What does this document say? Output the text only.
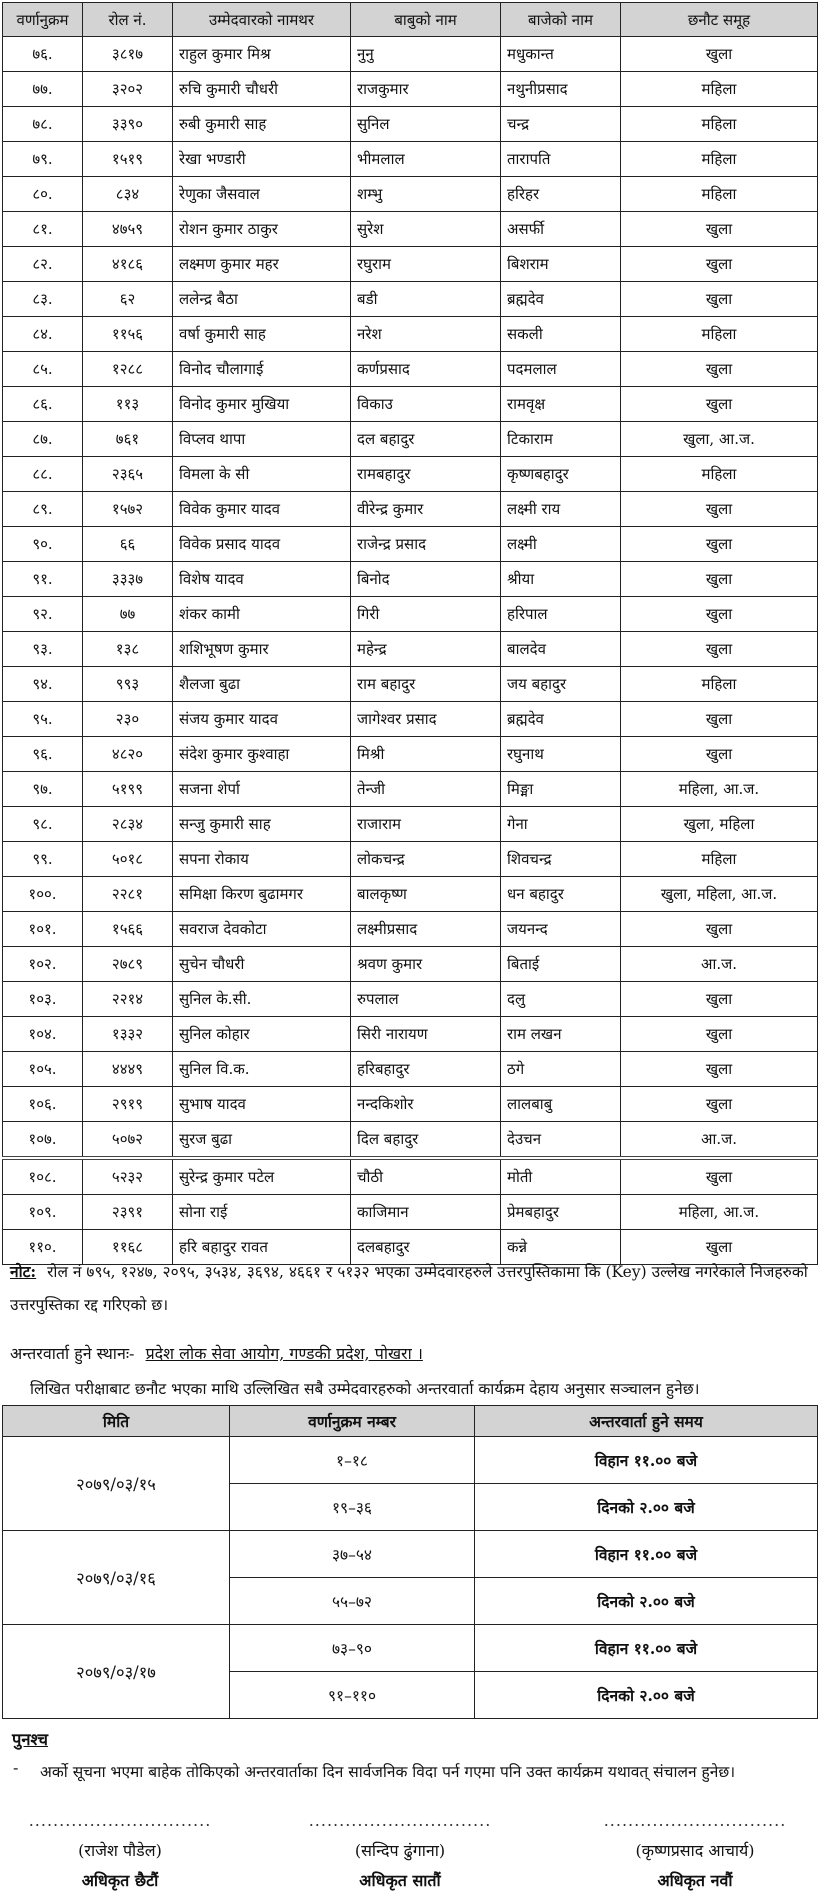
वर्णानुक्रम	रोल नं.	उम्मेदवारको नामथर	बाबुको नाम	बाजेको नाम	छनौट समूह
७६.	३८१७	राहुल कुमार मिश्र	नुनु	मधुकान्त	खुला
७७.	३२०२	रुचि कुमारी चौधरी	राजकुमार	नथुनीप्रसाद	महिला
७८.	३३९०	रुबी कुमारी साह	सुनिल	चन्द्र	महिला
७९.	१५१९	रेखा भण्डारी	भीमलाल	तारापति	महिला
८०.	८३४	रेणुका जैसवाल	शम्भु	हरिहर	महिला
८१.	४७५९	रोशन कुमार ठाकुर	सुरेश	असर्फी	खुला
८२.	४१८६	लक्ष्मण कुमार महर	रघुराम	बिशराम	खुला
८३.	६२	ललेन्द्र बैठा	बडी	ब्रह्मदेव	खुला
८४.	११५६	वर्षा कुमारी साह	नरेश	सकली	महिला
८५.	१२८८	विनोद चौलागाई	कर्णप्रसाद	पदमलाल	खुला
८६.	११३	विनोद कुमार मुखिया	विकाउ	रामवृक्ष	खुला
८७.	७६१	विप्लव थापा	दल बहादुर	टिकाराम	खुला, आ.ज.
८८.	२३६५	विमला के सी	रामबहादुर	कृष्णबहादुर	महिला
८९.	१५७२	विवेक कुमार यादव	वीरेन्द्र कुमार	लक्ष्मी राय	खुला
९०.	६६	विवेक प्रसाद यादव	राजेन्द्र प्रसाद	लक्ष्मी	खुला
९१.	३३३७	विशेष यादव	बिनोद	श्रीया	खुला
९२.	७७	शंकर कामी	गिरी	हरिपाल	खुला
९३.	१३८	शशिभूषण कुमार	महेन्द्र	बालदेव	खुला
९४.	९९३	शैलजा बुढा	राम बहादुर	जय बहादुर	महिला
९५.	२३०	संजय कुमार यादव	जागेश्वर प्रसाद	ब्रह्मदेव	खुला
९६.	४८२०	संदेश कुमार कुश्वाहा	मिश्री	रघुनाथ	खुला
९७.	५१९९	सजना शेर्पा	तेन्जी	मिङ्मा	महिला, आ.ज.
९८.	२८३४	सन्जु कुमारी साह	राजाराम	गेना	खुला, महिला
९९.	५०१८	सपना रोकाय	लोकचन्द्र	शिवचन्द्र	महिला
१००.	२२८१	समिक्षा किरण बुढामगर	बालकृष्ण	धन बहादुर	खुला, महिला, आ.ज.
१०१.	१५६६	सवराज देवकोटा	लक्ष्मीप्रसाद	जयनन्द	खुला
१०२.	२७८९	सुचेन चौधरी	श्रवण कुमार	बिताई	आ.ज.
१०३.	२२१४	सुनिल के.सी.	रुपलाल	दलु	खुला
१०४.	१३३२	सुनिल कोहार	सिरी नारायण	राम लखन	खुला
१०५.	४४४९	सुनिल वि.क.	हरिबहादुर	ठगे	खुला
१०६.	२९१९	सुभाष यादव	नन्दकिशोर	लालबाबु	खुला
१०७.	५०७२	सुरज बुढा	दिल बहादुर	देउचन	आ.ज.
१०८.	५२३२	सुरेन्द्र कुमार पटेल	चौठी	मोती	खुला
१०९.	२३९१	सोना राई	काजिमान	प्रेमबहादुर	महिला, आ.ज.
११०.	११६८	हरि बहादुर रावत	दलबहादुर	कन्ने	खुला
नोट: रोल नं ७९५, १२४७, २०९५, ३५३४, ३६९४, ४६६१ र ५१३२ भएका उम्मेदवारहरुले उत्तरपुस्तिकामा कि (Key) उल्लेख नगरेकाले निजहरुको उत्तरपुस्तिका रद्द गरिएको छ।
अन्तरवार्ता हुने स्थानः- प्रदेश लोक सेवा आयोग, गण्डकी प्रदेश, पोखरा ।
लिखित परीक्षाबाट छनौट भएका माथि उल्लिखित सबै उम्मेदवारहरुको अन्तरवार्ता कार्यक्रम देहाय अनुसार सञ्चालन हुनेछ।
मिति	वर्णानुक्रम नम्बर	अन्तरवार्ता हुने समय
२०७९/०३/१५	१–१८	विहान ११.०० बजे
	१९–३६	दिनको २.०० बजे
२०७९/०३/१६	३७–५४	विहान ११.०० बजे
	५५–७२	दिनको २.०० बजे
२०७९/०३/१७	७३–९०	विहान ११.०० बजे
	९१–११०	दिनको २.०० बजे
पुनश्च
- अर्को सूचना भएमा बाहेक तोकिएको अन्तरवार्ताका दिन सार्वजनिक विदा पर्न गएमा पनि उक्त कार्यक्रम यथावत् संचालन हुनेछ।
..............................
(राजेश पौडेल)
अधिकृत छैटौं
..............................
(सन्दिप ढुंगाना)
अधिकृत सातौं
..............................
(कृष्णप्रसाद आचार्य)
अधिकृत नवौं
